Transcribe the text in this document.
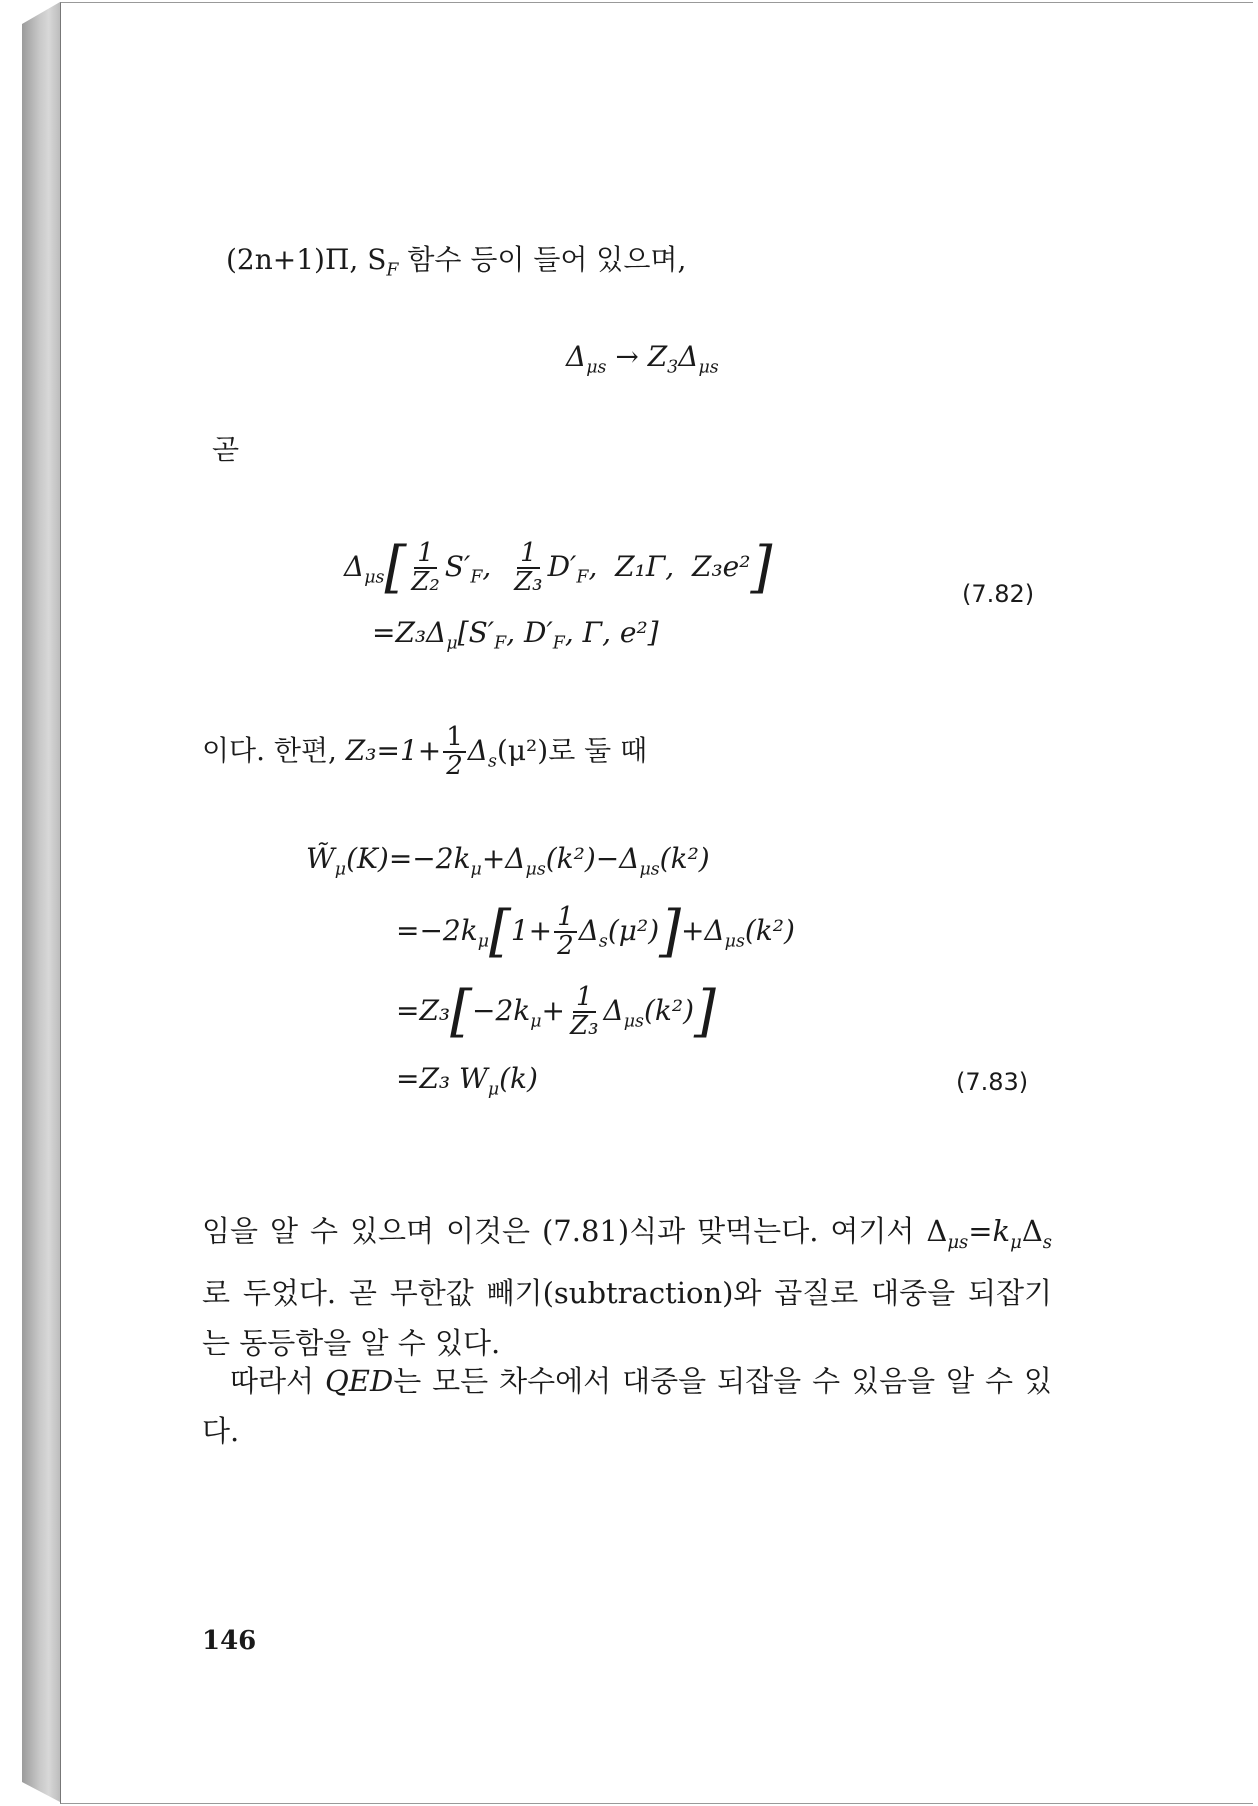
(2n+1)Π, $S_F$ 함수 등이 들어 있으며,
$\Delta_{\mu s} \to Z_3\Delta_{\mu s}$
곧
$\Delta_{\mu s}[ \frac{1}{\text{Z₂}} S'_F$, $\frac{1}{\text{Z₃}} D'_F$,  Z₁Γ, Z₃e²]
$=Z_3\Delta_\mu[S'_F$, $D'_F$, Γ, e²]
(7.82)
이다. 한편, $Z_3=1+ \frac{1}{2} \Delta_s(\mu^2)$로 둘 때
$W̃_\mu(K)=-2k_\mu+\Delta_{\mu s}(k^2)-\Delta_{\mu s}(k^2)$
$=-2k_\mu[1+ \frac{1}{2} \Delta_s(\mu^2)]+\Delta_{\mu s}(k^2)$
$=Z_3[-2k_\mu+ \frac{1}{\text{Z₃}} \Delta_{\mu s}(k^2)]$
=Z₃ $W_\mu(k)$	(7.83)
임을 알 수 있으며 이것은 (7.81)식과 맞먹는다. 여기서 $\Delta_{\mu s}=k_\mu\Delta_s$로 두었다. 곧 무한값 빼기(subtraction)와 곱질로 대중을 되잡기는 동등함을 알 수 있다.
따라서 QED는 모든 차수에서 대중을 되잡을 수 있음을 알 수 있다.
146
